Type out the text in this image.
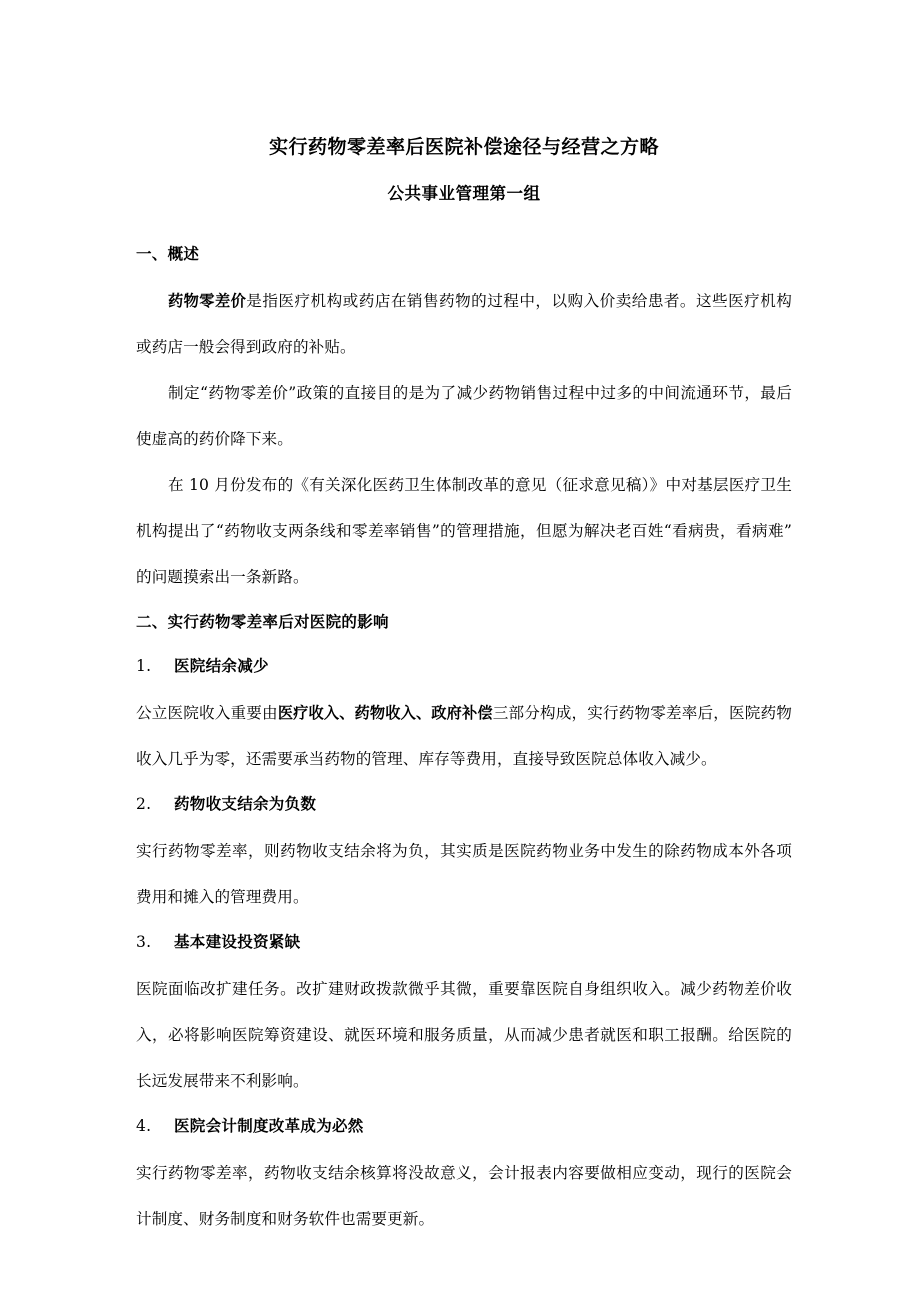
实行药物零差率后医院补偿途径与经营之方略
公共事业管理第一组
一、概述

药物零差价是指医疗机构或药店在销售药物的过程中，以购入价卖给患者。这些医疗机构或药店一般会得到政府的补贴。

制定“药物零差价”政策的直接目的是为了减少药物销售过程中过多的中间流通环节，最后使虚高的药价降下来。

在 10 月份发布的《有关深化医药卫生体制改革的意见（征求意见稿）》中对基层医疗卫生机构提出了“药物收支两条线和零差率销售”的管理措施，但愿为解决老百姓“看病贵，看病难”的问题摸索出一条新路。

二、实行药物零差率后对医院的影响
1.	医院结余减少

公立医院收入重要由医疗收入、药物收入、政府补偿三部分构成，实行药物零差率后，医院药物收入几乎为零，还需要承当药物的管理、库存等费用，直接导致医院总体收入减少。

2.	药物收支结余为负数

实行药物零差率，则药物收支结余将为负，其实质是医院药物业务中发生的除药物成本外各项费用和摊入的管理费用。

3.	基本建设投资紧缺

医院面临改扩建任务。改扩建财政拨款微乎其微，重要靠医院自身组织收入。减少药物差价收入，必将影响医院筹资建设、就医环境和服务质量，从而减少患者就医和职工报酬。给医院的长远发展带来不利影响。

4.	医院会计制度改革成为必然

实行药物零差率，药物收支结余核算将没故意义，会计报表内容要做相应变动，现行的医院会计制度、财务制度和财务软件也需要更新。
